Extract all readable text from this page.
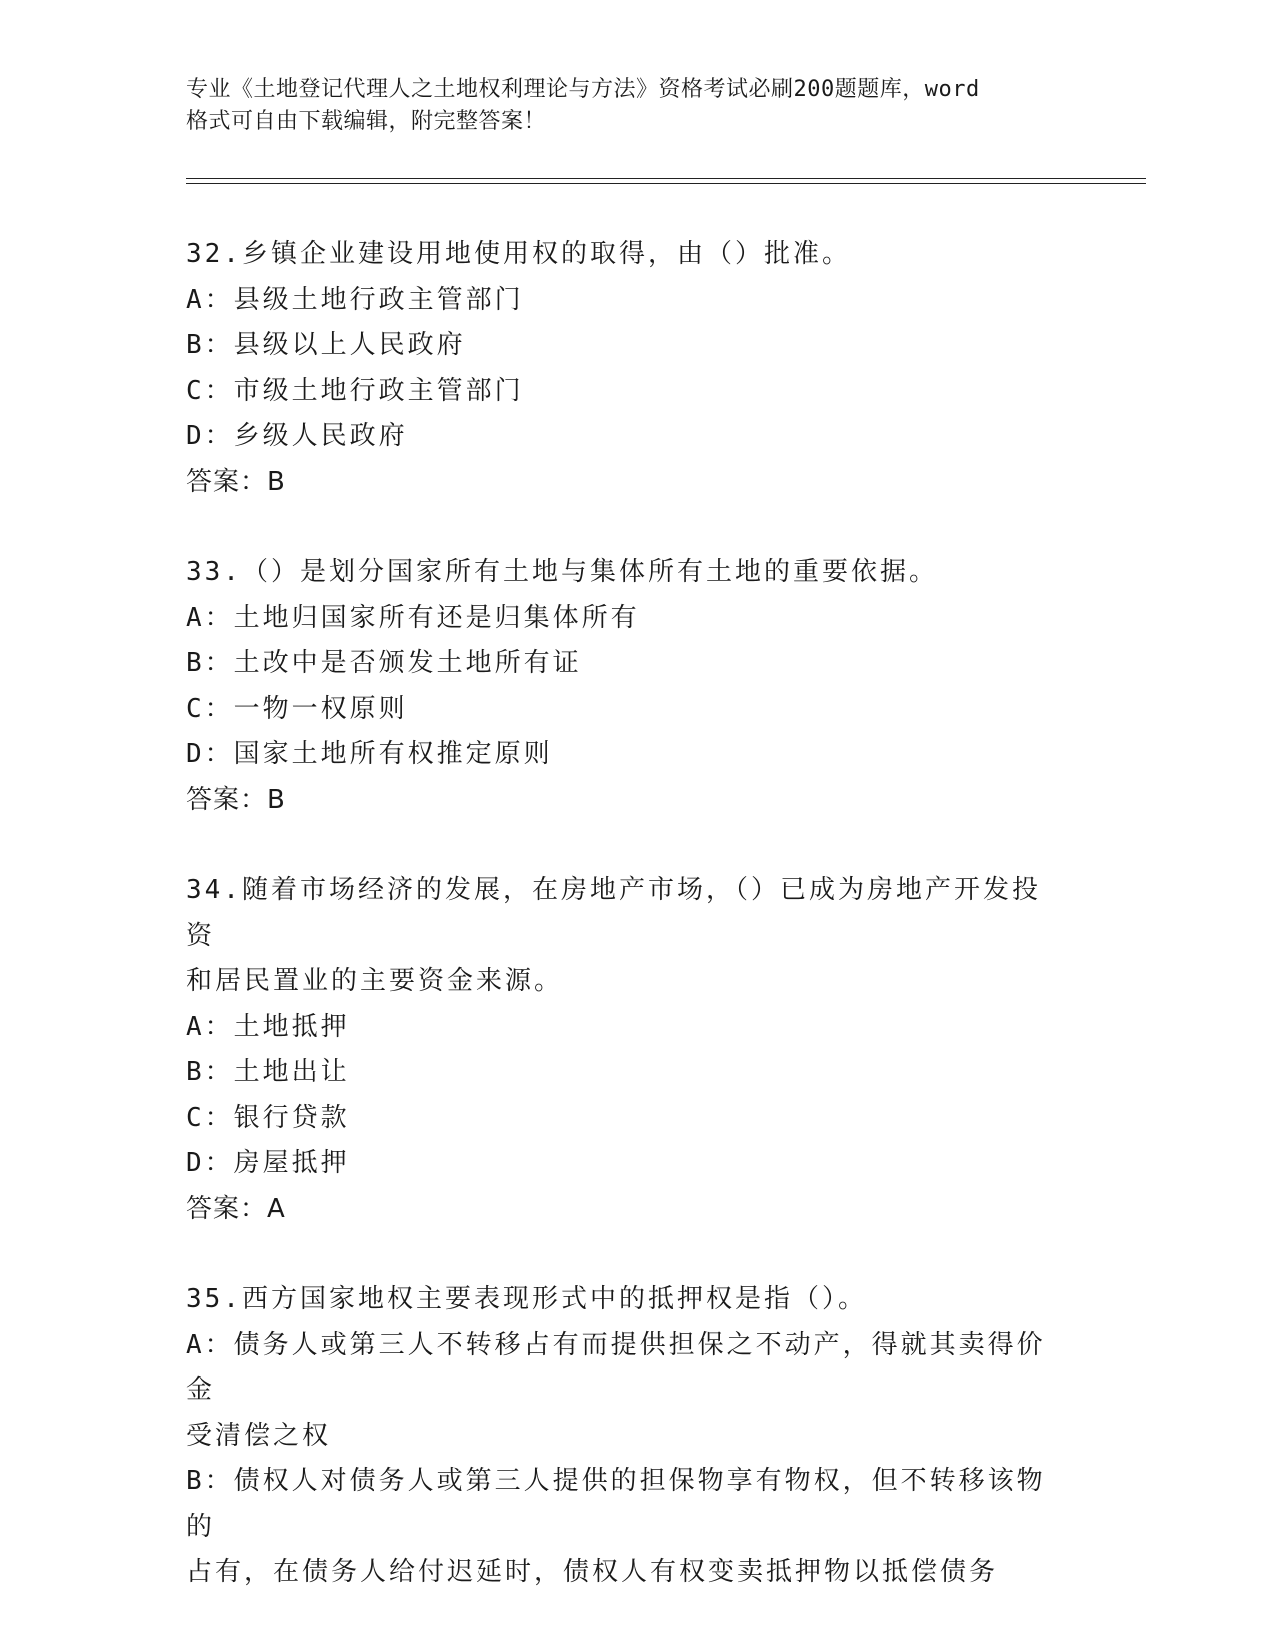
专业《土地登记代理人之土地权利理论与方法》资格考试必刷200题题库，word
格式可自由下载编辑，附完整答案！
32.乡镇企业建设用地使用权的取得，由（）批准。
A：县级土地行政主管部门
B：县级以上人民政府
C：市级土地行政主管部门
D：乡级人民政府
答案：B
33.（）是划分国家所有土地与集体所有土地的重要依据。
A：土地归国家所有还是归集体所有
B：土改中是否颁发土地所有证
C：一物一权原则
D：国家土地所有权推定原则
答案：B
34.随着市场经济的发展，在房地产市场，（）已成为房地产开发投资
和居民置业的主要资金来源。
A：土地抵押
B：土地出让
C：银行贷款
D：房屋抵押
答案：A
35.西方国家地权主要表现形式中的抵押权是指（）。
A：债务人或第三人不转移占有而提供担保之不动产，得就其卖得价金
受清偿之权
B：债权人对债务人或第三人提供的担保物享有物权，但不转移该物的
占有，在债务人给付迟延时，债权人有权变卖抵押物以抵偿债务
